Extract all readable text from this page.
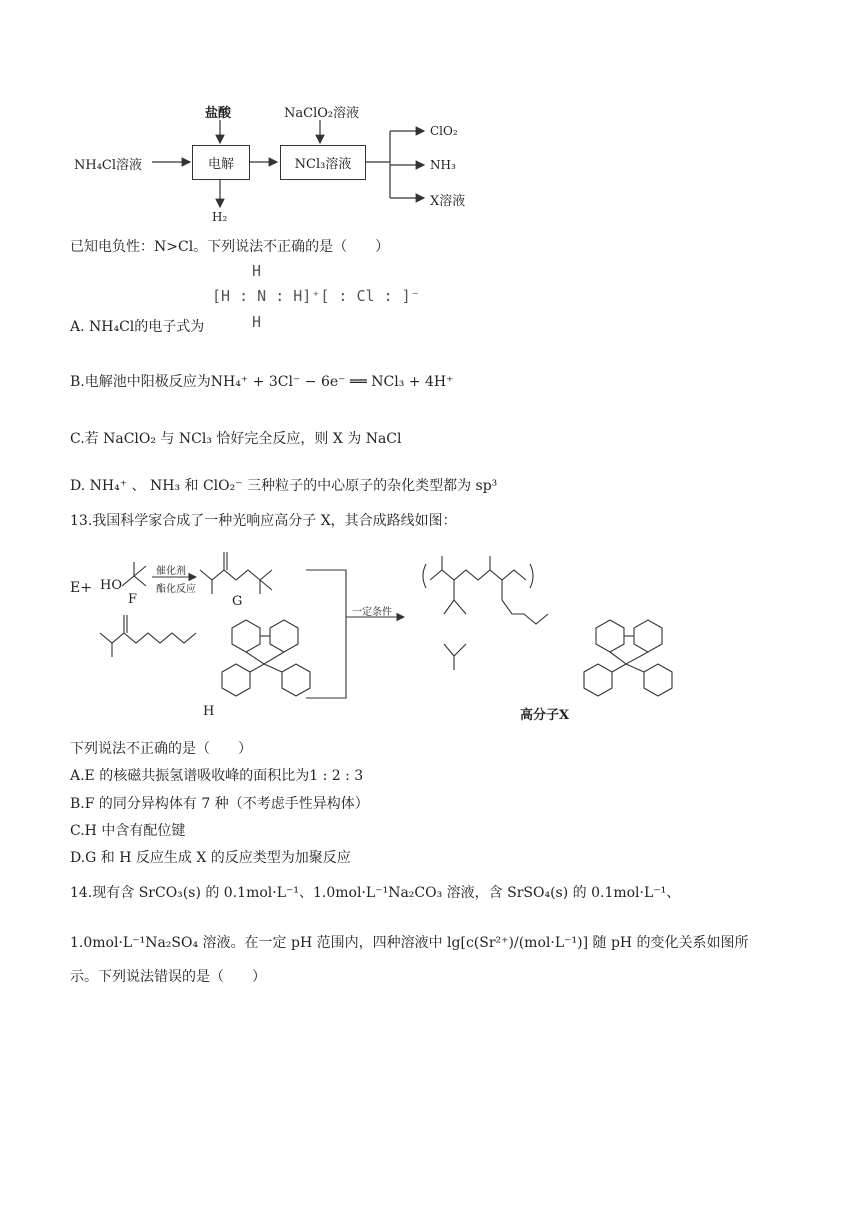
NH₄Cl溶液
盐酸
电解
H₂
NaClO₂溶液
NCl₃溶液
ClO₂
NH₃
X溶液
已知电负性：N>Cl。下列说法不正确的是（　　）
H
[H : N : H]⁺[ : Cl : ]⁻
H
A. NH₄Cl的电子式为
B.电解池中阳极反应为NH₄⁺ + 3Cl⁻ − 6e⁻ ══ NCl₃ + 4H⁺
C.若 NaClO₂ 与 NCl₃ 恰好完全反应，则 X 为 NaCl
D. NH₄⁺ 、 NH₃ 和 ClO₂⁻ 三种粒子的中心原子的杂化类型都为 sp³
13.我国科学家合成了一种光响应高分子 X，其合成路线如图：
E+ HO
F
催化剂
酯化反应
G
H
一定条件
高分子X
下列说法不正确的是（　　）
A.E 的核磁共振氢谱吸收峰的面积比为1 : 2 : 3
B.F 的同分异构体有 7 种（不考虑手性异构体）
C.H 中含有配位键
D.G 和 H 反应生成 X 的反应类型为加聚反应
14.现有含 SrCO₃(s) 的 0.1mol·L⁻¹、1.0mol·L⁻¹Na₂CO₃ 溶液，含 SrSO₄(s) 的 0.1mol·L⁻¹、
1.0mol·L⁻¹Na₂SO₄ 溶液。在一定 pH 范围内，四种溶液中 lg[c(Sr²⁺)/(mol·L⁻¹)] 随 pH 的变化关系如图所
示。下列说法错误的是（　　）
